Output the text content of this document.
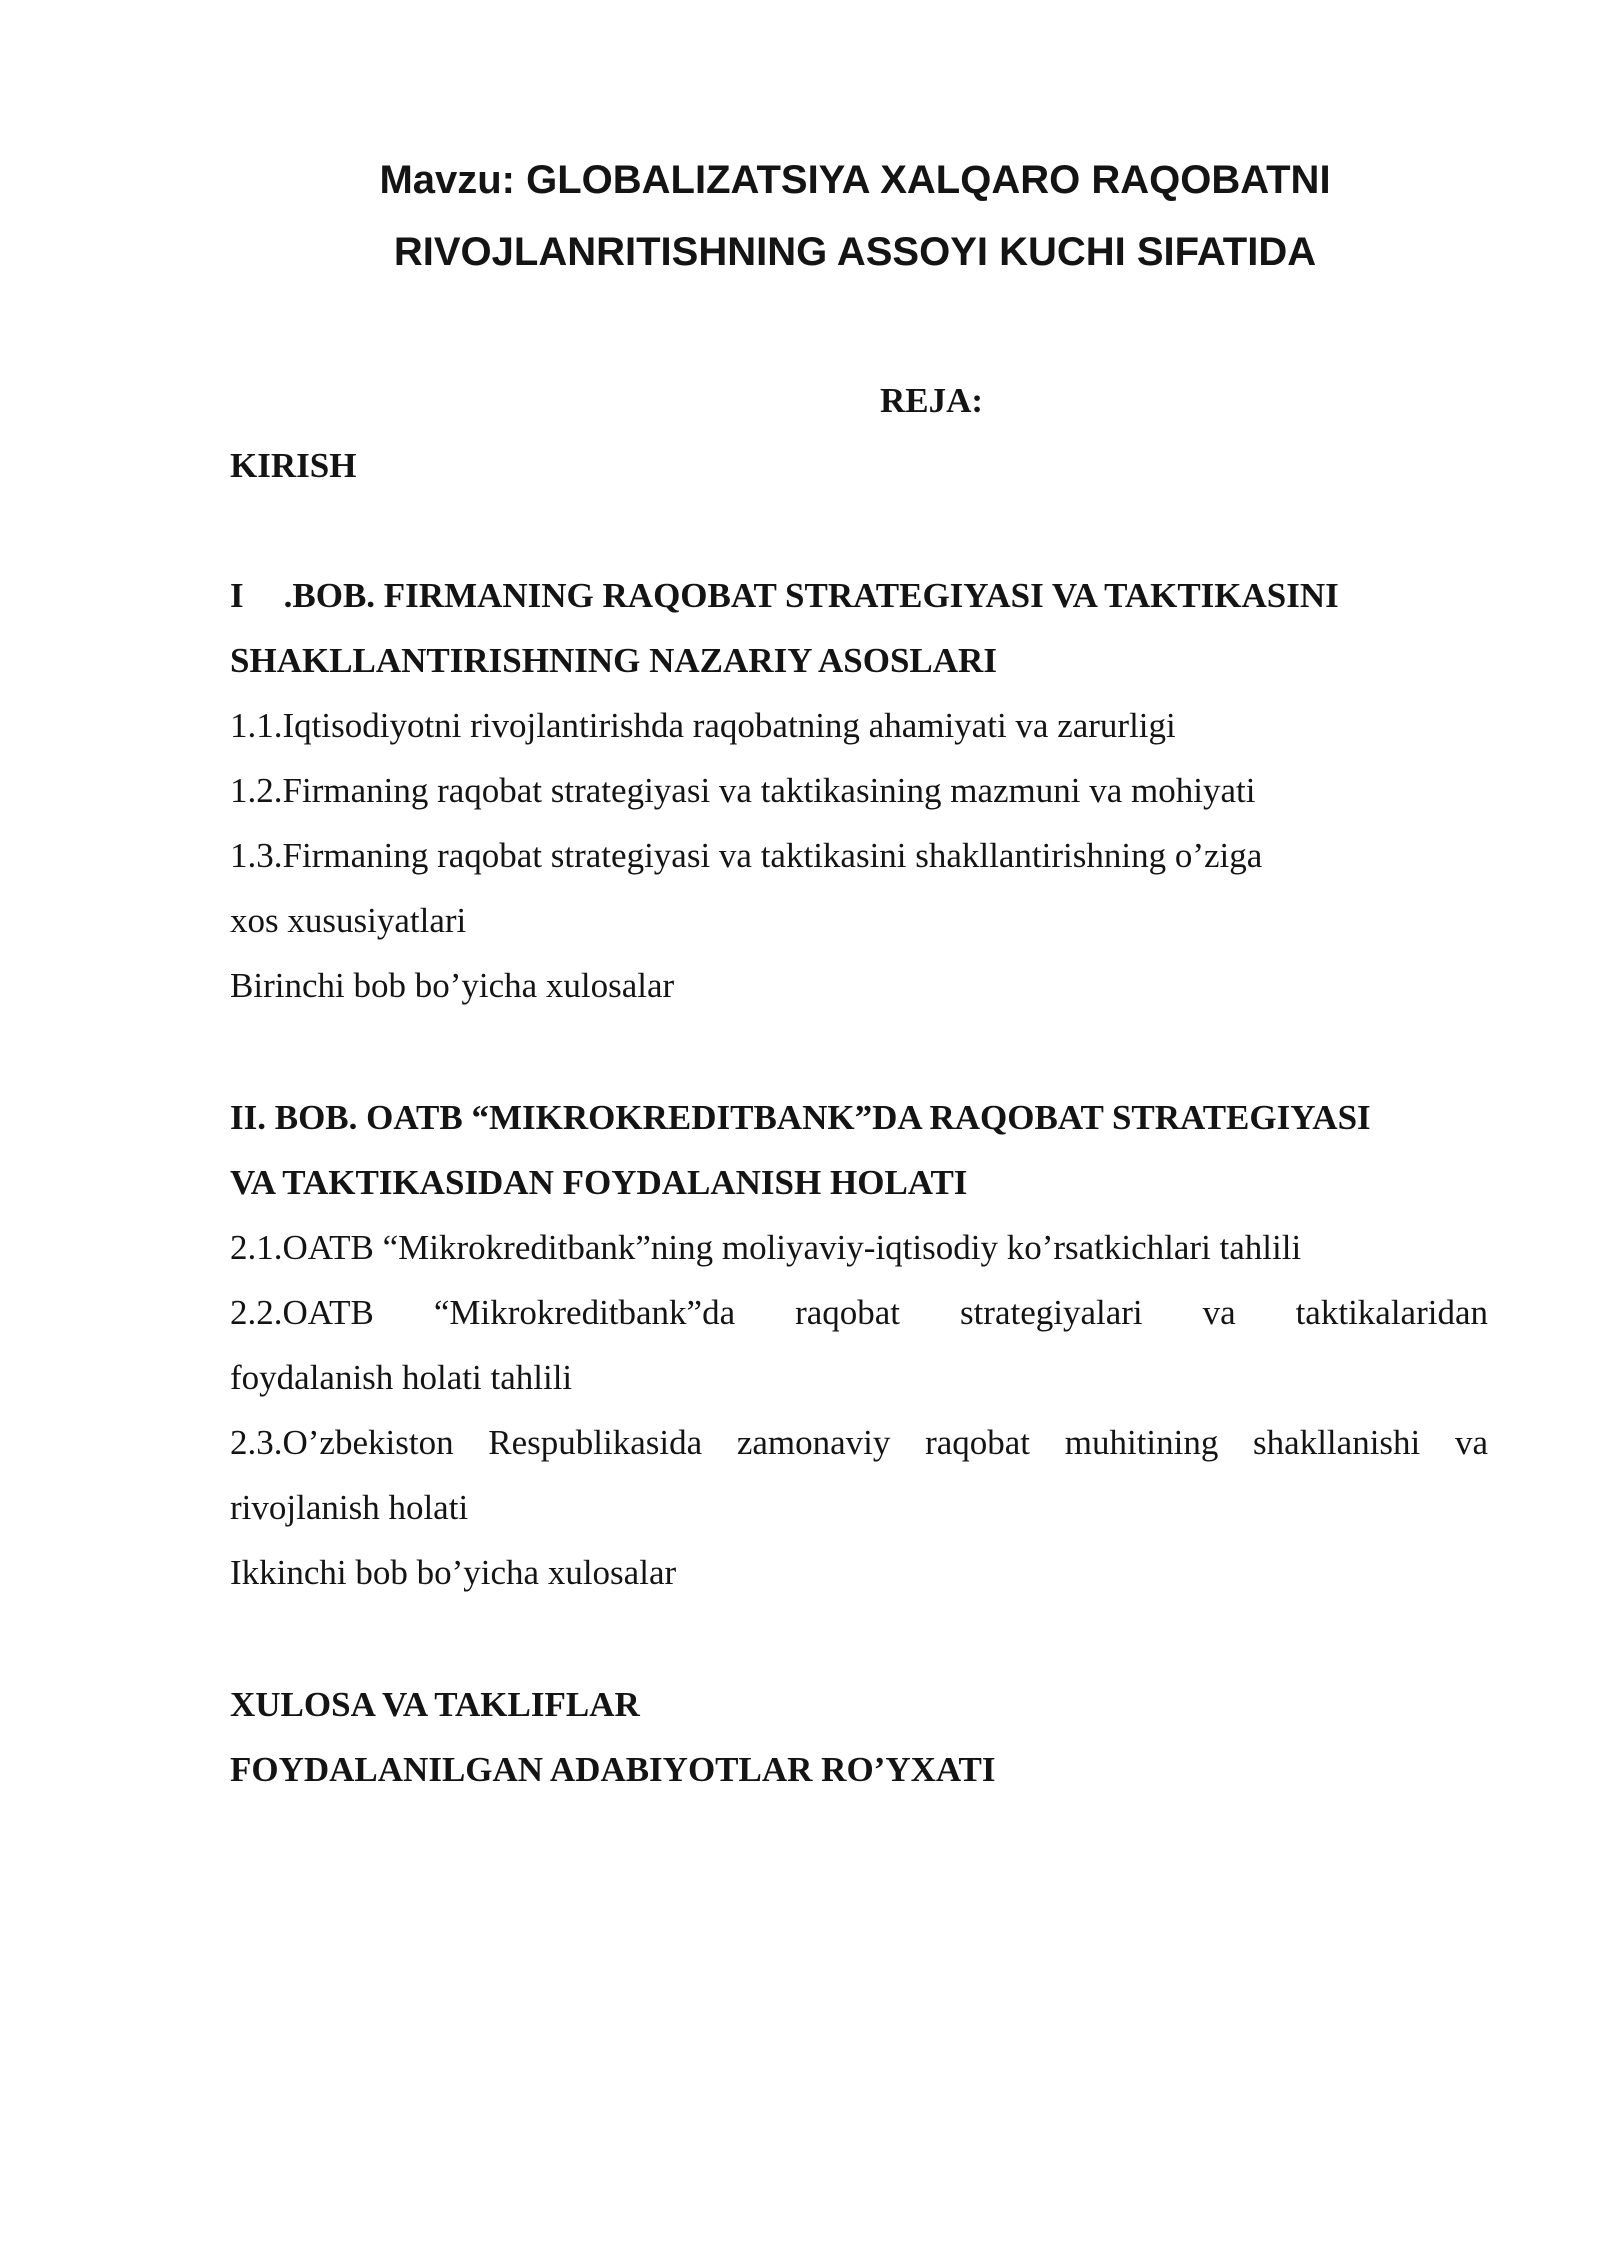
Mavzu: GLOBALIZATSIYA XALQARO RAQOBATNI
RIVOJLANRITISHNING ASSOYI KUCHI SIFATIDA
REJA:
KIRISH
I .BOB. FIRMANING RAQOBAT STRATEGIYASI VA TAKTIKASINI
SHAKLLANTIRISHNING NAZARIY ASOSLARI
1.1.Iqtisodiyotni rivojlantirishda raqobatning ahamiyati va zarurligi
1.2.Firmaning raqobat strategiyasi va taktikasining mazmuni va mohiyati
1.3.Firmaning raqobat strategiyasi va taktikasini shakllantirishning o’ziga
xos xususiyatlari
Birinchi bob bo’yicha xulosalar
II. BOB. OATB “MIKROKREDITBANK”DA RAQOBAT STRATEGIYASI
VA TAKTIKASIDAN FOYDALANISH HOLATI
2.1.OATB “Mikrokreditbank”ning moliyaviy-iqtisodiy ko’rsatkichlari tahlili
2.2.OATB “Mikrokreditbank”da raqobat strategiyalari va taktikalaridan
foydalanish holati tahlili
2.3.O’zbekiston Respublikasida zamonaviy raqobat muhitining shakllanishi va
rivojlanish holati
Ikkinchi bob bo’yicha xulosalar
XULOSA VA TAKLIFLAR
FOYDALANILGAN ADABIYOTLAR RO’YXATI
